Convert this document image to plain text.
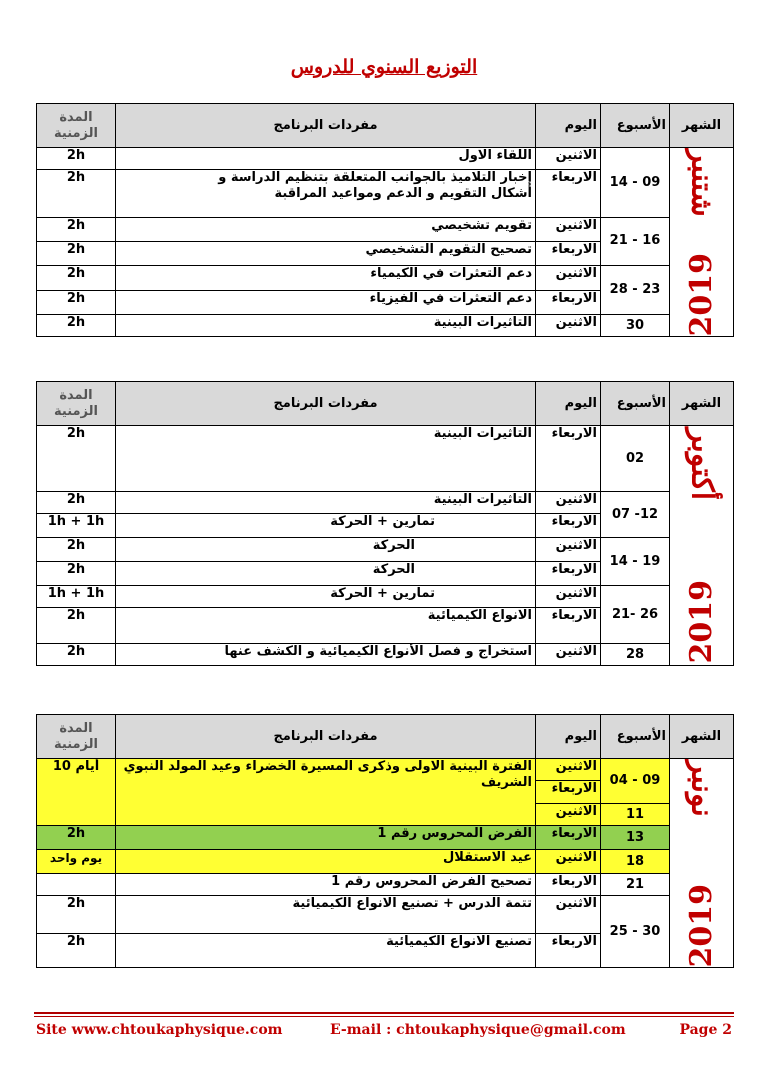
التوزيع السنوي للدروس
الشهر	الأسبوع	اليوم	مفردات البرنامج	المدة
الزمنية

شتنبر
2019	14 - 09	الاثنين	اللقاء الاول	2h
		الاربعاء	إخبار التلاميذ بالجوانب المتعلقة بتنظيم الدراسة و أشكال التقويم و الدعم ومواعيد المراقبة	2h
	21 - 16	الاثنين	تقويم تشخيصي	2h
		الاربعاء	تصحيح التقويم التشخيصي	2h
	28 - 23	الاثنين	دعم التعثرات في الكيمياء	2h
		الاربعاء	دعم التعثرات في الفيزياء	2h
	30	الاثنين	التاثيرات البينية	2h
الشهر	الأسبوع	اليوم	مفردات البرنامج	المدة
الزمنية

أكتوبر
2019	02	الاربعاء	التاثيرات البينية	2h
	07 -12	الاثنين	التاثيرات البينية	2h
		الاربعاء	تمارين + الحركة	1h + 1h
	14 - 19	الاثنين	الحركة	2h
		الاربعاء	الحركة	2h
	21- 26	الاثنين	تمارين + الحركة	1h + 1h
		الاربعاء	الانواع الكيميائية	2h
	28	الاثنين	استخراج و فصل الأنواع الكيميائية و الكشف عنها	2h
الشهر	الأسبوع	اليوم	مفردات البرنامج	المدة
الزمنية

نونبر
2019	04 - 09	الاثنين	الفترة البينية الاولى وذكرى المسيرة الخضراء وعيد المولد النبوي الشريف	10 أيام
		الاربعاء		
	11	الاثنين		
	13	الاربعاء	الفرض المحروس رقم 1	2h
	18	الاثنين	عيد الاستقلال	يوم واحد
	21	الاربعاء	تصحيح الفرض المحروس رقم 1	
	25 - 30	الاثنين	تتمة الدرس + تصنيع الانواع الكيميائية	2h
		الاربعاء	تصنيع الانواع الكيميائية	2h
Site www.chtoukaphysique.com	E-mail : chtoukaphysique@gmail.com	Page 2
